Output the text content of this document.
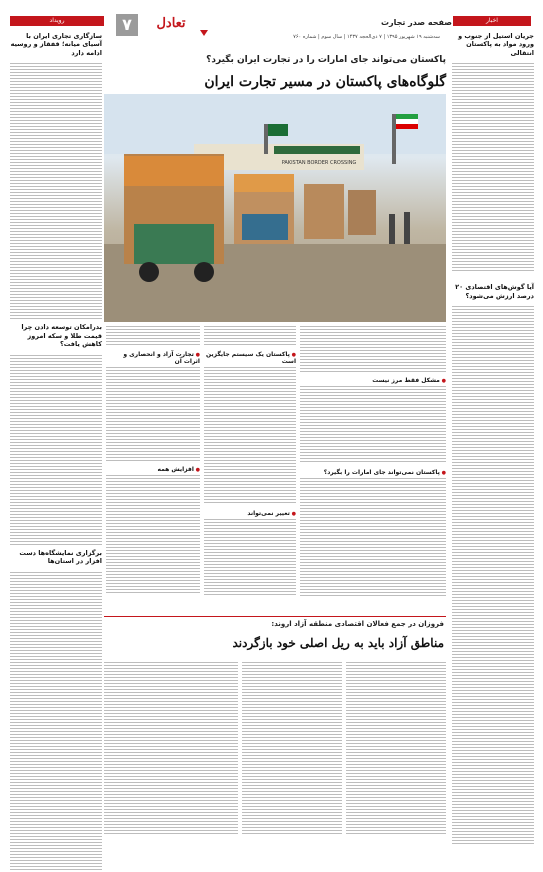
اخبار
رویداد	۷	تعادل	صفحه صدر تجارت
سه‌شنبه ۱۹ شهریور ۱۳۹۵ | ۷ ذی‌الحجه ۱۴۳۷ | سال سوم | شماره ۷۶۰	جریان استیل از جنوب و ورود مواد به پاکستان انتقالی
آیا گوش‌های اقتصادی ۲۰ درصد ارزش می‌شود؟
سازگاری تجاری ایران با آسیای میانه؛ قفقاز و روسیه ادامه دارد
بدرامکان توسعه دادن چرا قیمت طلا و سکه امروز کاهش یافت؟
برگزاری نمایشگاه‌ها دست افزار در استان‌ها
پاکستان می‌تواند جای امارات را در تجارت ایران بگیرد؟
گلوگاه‌های پاکستان در مسیر تجارت ایران
PAKISTAN BORDER CROSSING
● مشکل فقط مرز نیست
● پاکستان نمی‌تواند جای امارات را بگیرد؟
● پاکستان یک سیستم جایگزین است
● تغییر نمی‌تواند
● تجارت آزاد و انحصاری و اثرات آن
● افزایش همه
فروزان در جمع فعالان اقتصادی منطقه آزاد اروند:
مناطق آزاد باید به ریل اصلی خود بازگردند
